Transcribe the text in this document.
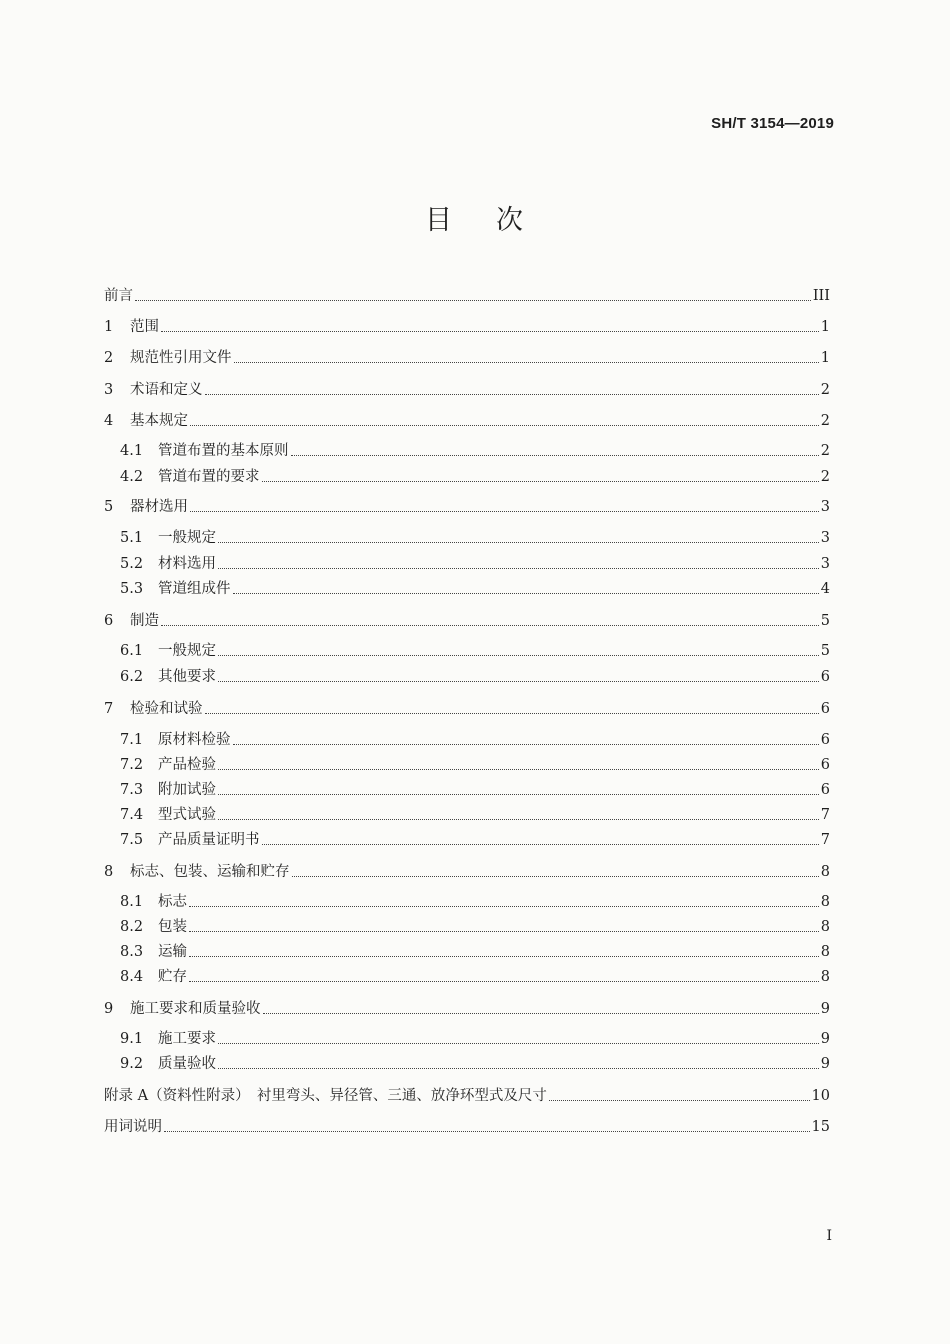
SH/T 3154—2019
目 次
前言	III
1	范围	1
2	规范性引用文件	1
3	术语和定义	2
4	基本规定	2
4.1	管道布置的基本原则	2
4.2	管道布置的要求	2
5	器材选用	3
5.1	一般规定	3
5.2	材料选用	3
5.3	管道组成件	4
6	制造	5
6.1	一般规定	5
6.2	其他要求	6
7	检验和试验	6
7.1	原材料检验	6
7.2	产品检验	6
7.3	附加试验	6
7.4	型式试验	7
7.5	产品质量证明书	7
8	标志、包装、运输和贮存	8
8.1	标志	8
8.2	包装	8
8.3	运输	8
8.4	贮存	8
9	施工要求和质量验收	9
9.1	施工要求	9
9.2	质量验收	9
附录 A（资料性附录）　衬里弯头、异径管、三通、放净环型式及尺寸	10
用词说明	15
I
